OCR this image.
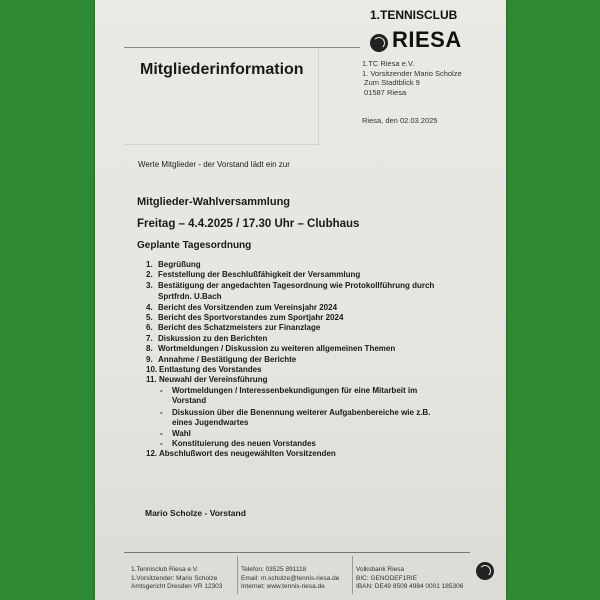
1.TENNISCLUB
RIESA
Mitgliederinformation	1.TC Riesa e.V.
1. Vorsitzender Mario Scholze
Zum Stadtblick 9
01587 Riesa
Riesa, den 02.03.2025
Werte Mitglieder - der Vorstand lädt ein zur
Mitglieder-Wahlversammlung
Freitag – 4.4.2025 / 17.30 Uhr – Clubhaus
Geplante Tagesordnung
1. Begrüßung
2. Feststellung der Beschlußfähigkeit der Versammlung
3. Bestätigung der angedachten Tagesordnung wie Protokollführung durch
Sprtfrdn. U.Bach
4. Bericht des Vorsitzenden zum Vereinsjahr 2024
5. Bericht des Sportvorstandes zum Sportjahr 2024
6. Bericht des Schatzmeisters zur Finanzlage
7. Diskussion zu den Berichten
8. Wortmeldungen / Diskussion zu weiteren allgemeinen Themen
9. Annahme / Bestätigung der Berichte
10. Entlastung des Vorstandes
11. Neuwahl der Vereinsführung
- Wortmeldungen / Interessenbekundigungen für eine Mitarbeit im
Vorstand
- Diskussion über die Benennung weiterer Aufgabenbereiche wie z.B.
eines Jugendwartes
- Wahl
- Konstituierung des neuen Vorstandes
12. Abschlußwort des neugewählten Vorsitzenden
Mario Scholze - Vorstand
1.Tennisclub Riesa e.V.
1.Vorsitzender: Mario Scholze
Amtsgericht Dresden VR 12303
Telefon: 03525 891118
Email: m.scholze@tennis-riesa.de
Internet: www.tennis-riesa.de
Volksbank Riesa
BIC: GENODEF1RIE
IBAN: DE49 8509 4984 0001 185306
